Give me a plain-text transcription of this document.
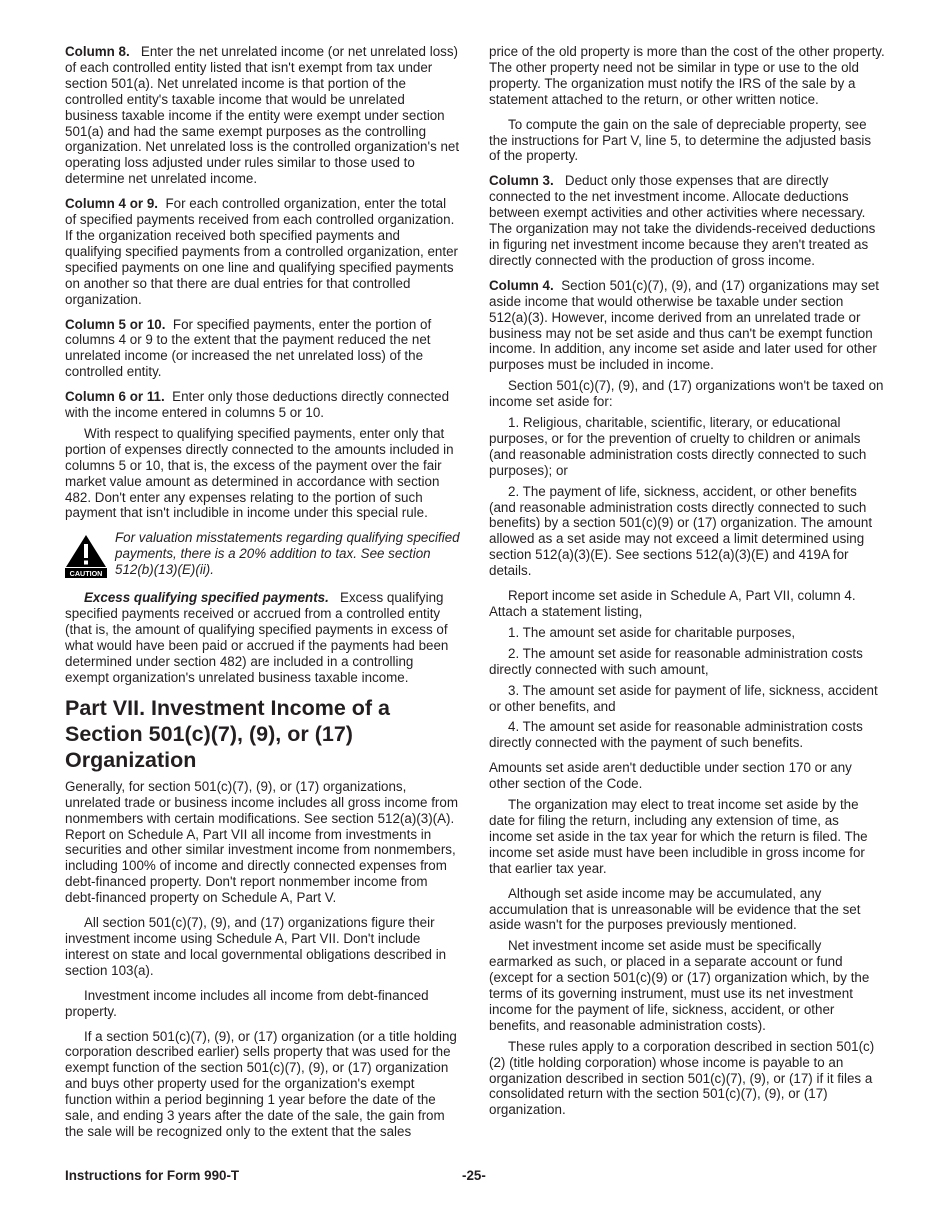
Column 8. Enter the net unrelated income (or net unrelated loss) of each controlled entity listed that isn't exempt from tax under section 501(a). Net unrelated income is that portion of the controlled entity's taxable income that would be unrelated business taxable income if the entity were exempt under section 501(a) and had the same exempt purposes as the controlling organization. Net unrelated loss is the controlled organization's net operating loss adjusted under rules similar to those used to determine net unrelated income.

Column 4 or 9. For each controlled organization, enter the total of specified payments received from each controlled organization. If the organization received both specified payments and qualifying specified payments from a controlled organization, enter specified payments on one line and qualifying specified payments on another so that there are dual entries for that controlled organization.

Column 5 or 10. For specified payments, enter the portion of columns 4 or 9 to the extent that the payment reduced the net unrelated income (or increased the net unrelated loss) of the controlled entity.

Column 6 or 11. Enter only those deductions directly connected with the income entered in columns 5 or 10.

With respect to qualifying specified payments, enter only that portion of expenses directly connected to the amounts included in columns 5 or 10, that is, the excess of the payment over the fair market value amount as determined in accordance with section 482. Don't enter any expenses relating to the portion of such payment that isn't includible in income under this special rule.

CAUTION
For valuation misstatements regarding qualifying specified payments, there is a 20% addition to tax. See section 512(b)(13)(E)(ii).

Excess qualifying specified payments. Excess qualifying specified payments received or accrued from a controlled entity (that is, the amount of qualifying specified payments in excess of what would have been paid or accrued if the payments had been determined under section 482) are included in a controlling exempt organization's unrelated business taxable income.

Part VII. Investment Income of a Section 501(c)(7), (9), or (17) Organization

Generally, for section 501(c)(7), (9), or (17) organizations, unrelated trade or business income includes all gross income from nonmembers with certain modifications. See section 512(a)(3)(A). Report on Schedule A, Part VII all income from investments in securities and other similar investment income from nonmembers, including 100% of income and directly connected expenses from debt-financed property. Don't report nonmember income from debt-financed property on Schedule A, Part V.

All section 501(c)(7), (9), and (17) organizations figure their investment income using Schedule A, Part VII. Don't include interest on state and local governmental obligations described in section 103(a).

Investment income includes all income from debt-financed property.

If a section 501(c)(7), (9), or (17) organization (or a title holding corporation described earlier) sells property that was used for the exempt function of the section 501(c)(7), (9), or (17) organization and buys other property used for the organization's exempt function within a period beginning 1 year before the date of the sale, and ending 3 years after the date of the sale, the gain from the sale will be recognized only to the extent that the sales

price of the old property is more than the cost of the other property. The other property need not be similar in type or use to the old property. The organization must notify the IRS of the sale by a statement attached to the return, or other written notice.

To compute the gain on the sale of depreciable property, see the instructions for Part V, line 5, to determine the adjusted basis of the property.

Column 3. Deduct only those expenses that are directly connected to the net investment income. Allocate deductions between exempt activities and other activities where necessary. The organization may not take the dividends-received deductions in figuring net investment income because they aren't treated as directly connected with the production of gross income.

Column 4. Section 501(c)(7), (9), and (17) organizations may set aside income that would otherwise be taxable under section 512(a)(3). However, income derived from an unrelated trade or business may not be set aside and thus can't be exempt function income. In addition, any income set aside and later used for other purposes must be included in income.

Section 501(c)(7), (9), and (17) organizations won't be taxed on income set aside for:

1. Religious, charitable, scientific, literary, or educational purposes, or for the prevention of cruelty to children or animals (and reasonable administration costs directly connected to such purposes); or

2. The payment of life, sickness, accident, or other benefits (and reasonable administration costs directly connected to such benefits) by a section 501(c)(9) or (17) organization. The amount allowed as a set aside may not exceed a limit determined using section 512(a)(3)(E). See sections 512(a)(3)(E) and 419A for details.

Report income set aside in Schedule A, Part VII, column 4. Attach a statement listing,

1. The amount set aside for charitable purposes,

2. The amount set aside for reasonable administration costs directly connected with such amount,

3. The amount set aside for payment of life, sickness, accident or other benefits, and

4. The amount set aside for reasonable administration costs directly connected with the payment of such benefits.

Amounts set aside aren't deductible under section 170 or any other section of the Code.

The organization may elect to treat income set aside by the date for filing the return, including any extension of time, as income set aside in the tax year for which the return is filed. The income set aside must have been includible in gross income for that earlier tax year.

Although set aside income may be accumulated, any accumulation that is unreasonable will be evidence that the set aside wasn't for the purposes previously mentioned.

Net investment income set aside must be specifically earmarked as such, or placed in a separate account or fund (except for a section 501(c)(9) or (17) organization which, by the terms of its governing instrument, must use its net investment income for the payment of life, sickness, accident, or other benefits, and reasonable administration costs).

These rules apply to a corporation described in section 501(c)(2) (title holding corporation) whose income is payable to an organization described in section 501(c)(7), (9), or (17) if it files a consolidated return with the section 501(c)(7), (9), or (17) organization.

Instructions for Form 990-T	-25-
